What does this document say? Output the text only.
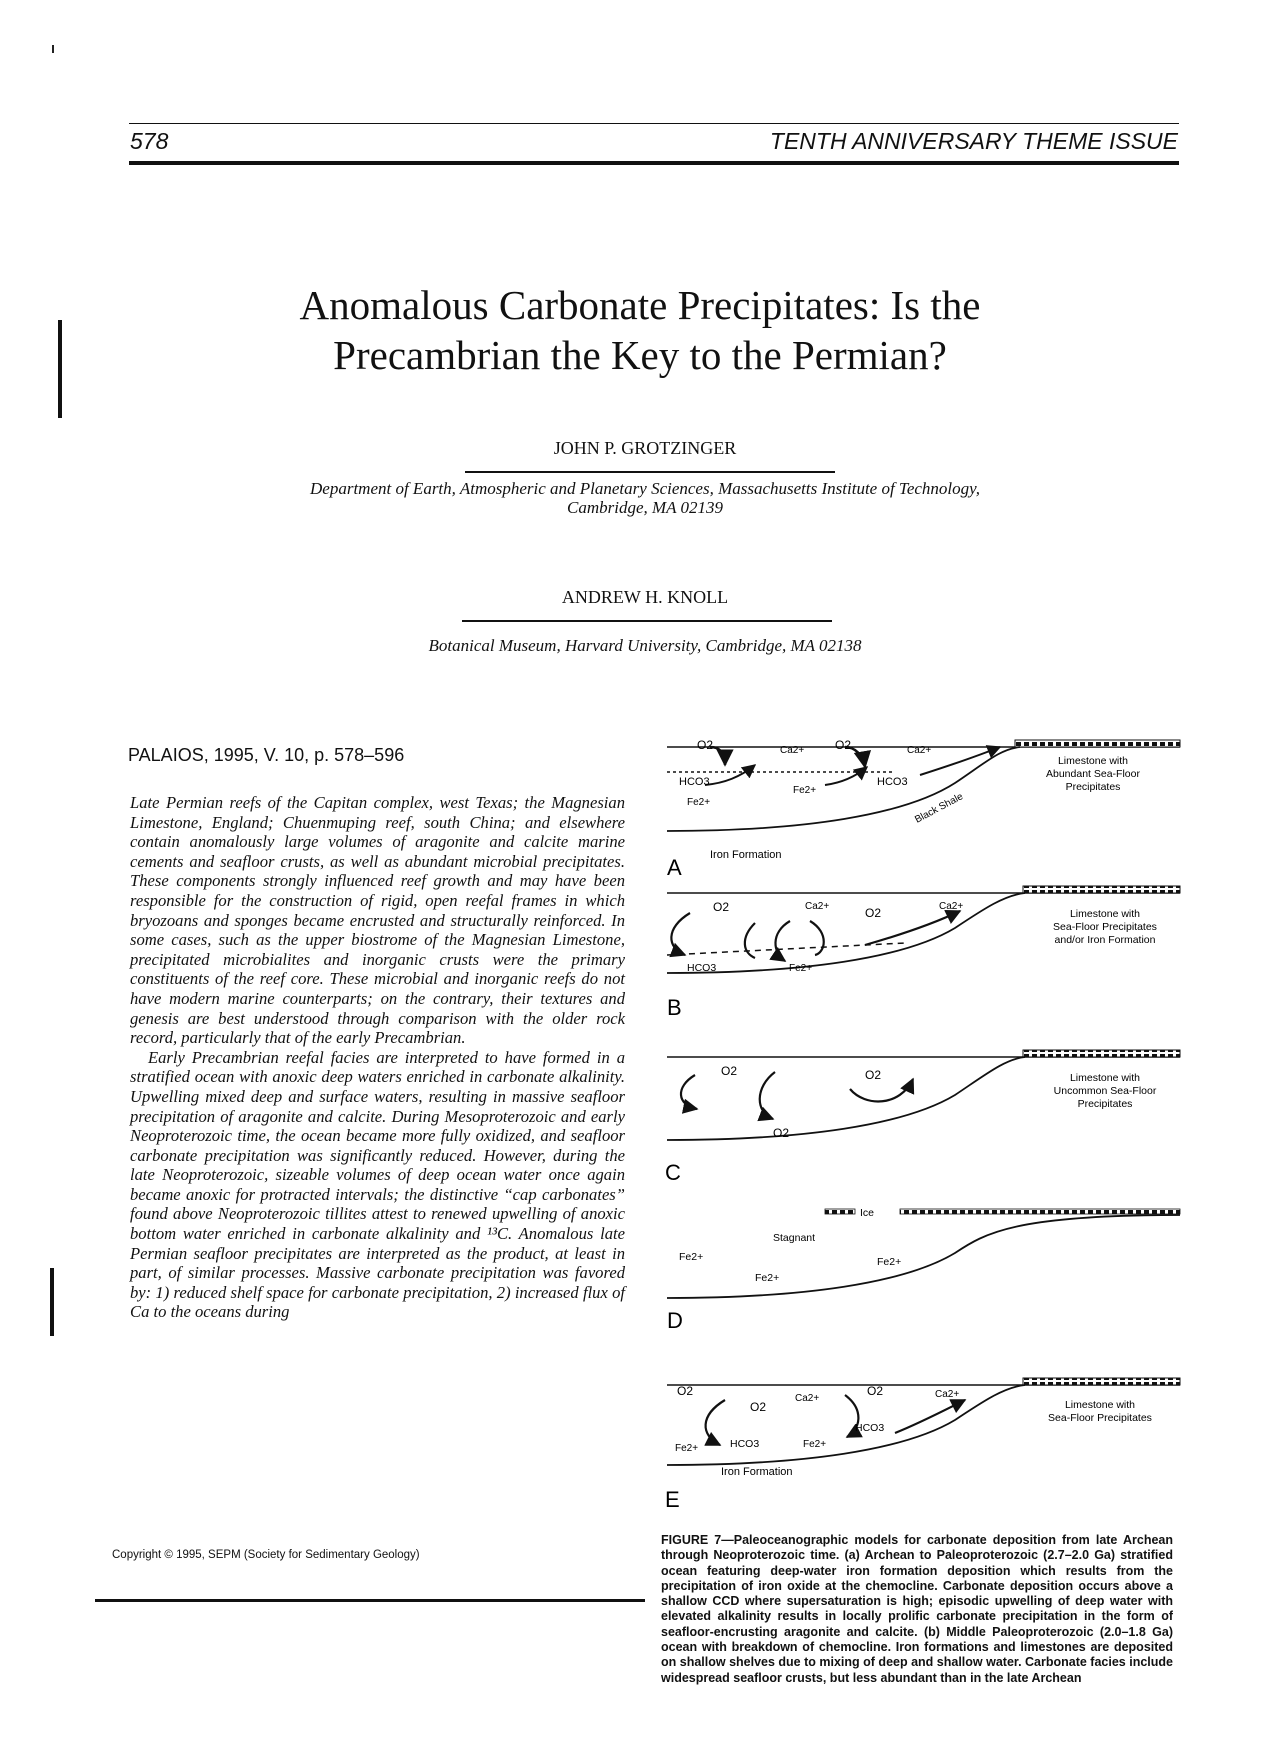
578	TENTH ANNIVERSARY THEME ISSUE
Anomalous Carbonate Precipitates: Is the
Precambrian the Key to the Permian?
JOHN P. GROTZINGER
Department of Earth, Atmospheric and Planetary Sciences, Massachusetts Institute of Technology,
Cambridge, MA 02139
ANDREW H. KNOLL
Botanical Museum, Harvard University, Cambridge, MA 02138
PALAIOS, 1995, V. 10, p. 578–596

Late Permian reefs of the Capitan complex, west Texas; the Magnesian Limestone, England; Chuenmuping reef, south China; and elsewhere contain anomalously large volumes of aragonite and calcite marine cements and seafloor crusts, as well as abundant microbial precipitates. These components strongly influenced reef growth and may have been responsible for the construction of rigid, open reefal frames in which bryozoans and sponges became encrusted and structurally reinforced. In some cases, such as the upper biostrome of the Magnesian Limestone, precipitated microbialites and inorganic crusts were the primary constituents of the reef core. These microbial and inorganic reefs do not have modern marine counterparts; on the contrary, their textures and genesis are best understood through comparison with the older rock record, particularly that of the early Precambrian.

Early Precambrian reefal facies are interpreted to have formed in a stratified ocean with anoxic deep waters enriched in carbonate alkalinity. Upwelling mixed deep and surface waters, resulting in massive seafloor precipitation of aragonite and calcite. During Mesoproterozoic and early Neoproterozoic time, the ocean became more fully oxidized, and seafloor carbonate precipitation was significantly reduced. However, during the late Neoproterozoic, sizeable volumes of deep ocean water once again became anoxic for protracted intervals; the distinctive “cap carbonates” found above Neoproterozoic tillites attest to renewed upwelling of anoxic bottom water enriched in carbonate alkalinity and ¹³C. Anomalous late Permian seafloor precipitates are interpreted as the product, at least in part, of similar processes. Massive carbonate precipitation was favored by: 1) reduced shelf space for carbonate precipitation, 2) increased flux of Ca to the oceans during

Copyright © 1995, SEPM (Society for Sedimentary Geology)
O2	Ca2+	O2	Ca2+
HCO3
Fe2+
Fe2+
HCO3
Iron Formation
Black Shale
Limestone with
Abundant Sea-Floor
Precipitates
A
O2	Ca2+	O2	Ca2+
HCO3	Fe2+
Limestone with
Sea-Floor Precipitates
and/or Iron Formation
B
O2	O2
O2
Limestone with
Uncommon Sea-Floor
Precipitates
C
Ice
Stagnant
Fe2+
Fe2+
Fe2+
D
O2
O2
Ca2+
O2	Ca2+
Fe2+	HCO3	Fe2+
HCO3
Iron Formation
Limestone with
Sea-Floor Precipitates
E
FIGURE 7—Paleoceanographic models for carbonate deposition from late Archean through Neoproterozoic time. (a) Archean to Paleoproterozoic (2.7–2.0 Ga) stratified ocean featuring deep-water iron formation deposition which results from the precipitation of iron oxide at the chemocline. Carbonate deposition occurs above a shallow CCD where supersaturation is high; episodic upwelling of deep water with elevated alkalinity results in locally prolific carbonate precipitation in the form of seafloor-encrusting aragonite and calcite. (b) Middle Paleoproterozoic (2.0–1.8 Ga) ocean with breakdown of chemocline. Iron formations and limestones are deposited on shallow shelves due to mixing of deep and shallow water. Carbonate facies include widespread seafloor crusts, but less abundant than in the late Archean
